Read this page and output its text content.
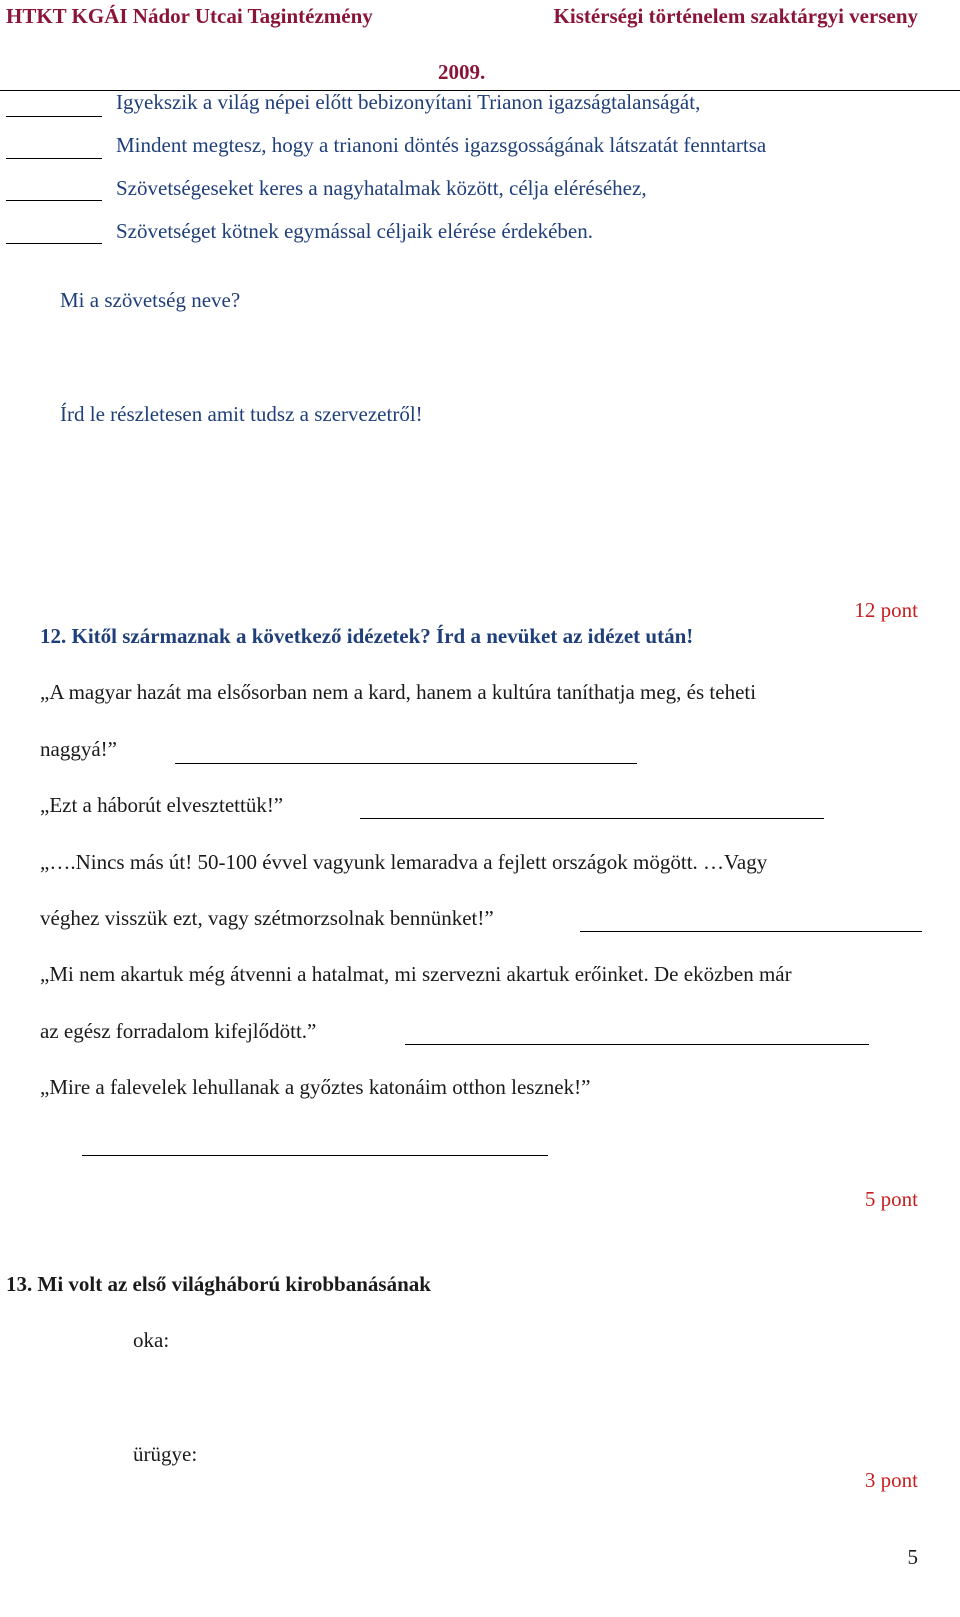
HTKT KGÁI Nádor Utcai Tagintézmény	Kistérségi történelem szaktárgyi verseny
2009.
Igyekszik a világ népei előtt bebizonyítani Trianon igazságtalanságát,
Mindent megtesz, hogy a trianoni döntés igazsgosságának látszatát fenntartsa
Szövetségeseket keres a nagyhatalmak között, célja eléréséhez,
Szövetséget kötnek egymással céljaik elérése érdekében.
Mi a szövetség neve?
Írd le részletesen amit tudsz a szervezetről!
12 pont
12. Kitől származnak a következő idézetek? Írd a nevüket az idézet után!
„A magyar hazát ma elsősorban nem a kard, hanem a kultúra taníthatja meg, és teheti
naggyá!”
„Ezt a háborút elvesztettük!”
„….Nincs más út! 50-100 évvel vagyunk lemaradva a fejlett országok mögött. …Vagy
véghez visszük ezt, vagy szétmorzsolnak bennünket!”
„Mi nem akartuk még átvenni a hatalmat, mi szervezni akartuk erőinket. De eközben már
az egész forradalom kifejlődött.”
„Mire a falevelek lehullanak a győztes katonáim otthon lesznek!”
5 pont
13. Mi volt az első világháború kirobbanásának
oka:
ürügye:
3 pont
5
